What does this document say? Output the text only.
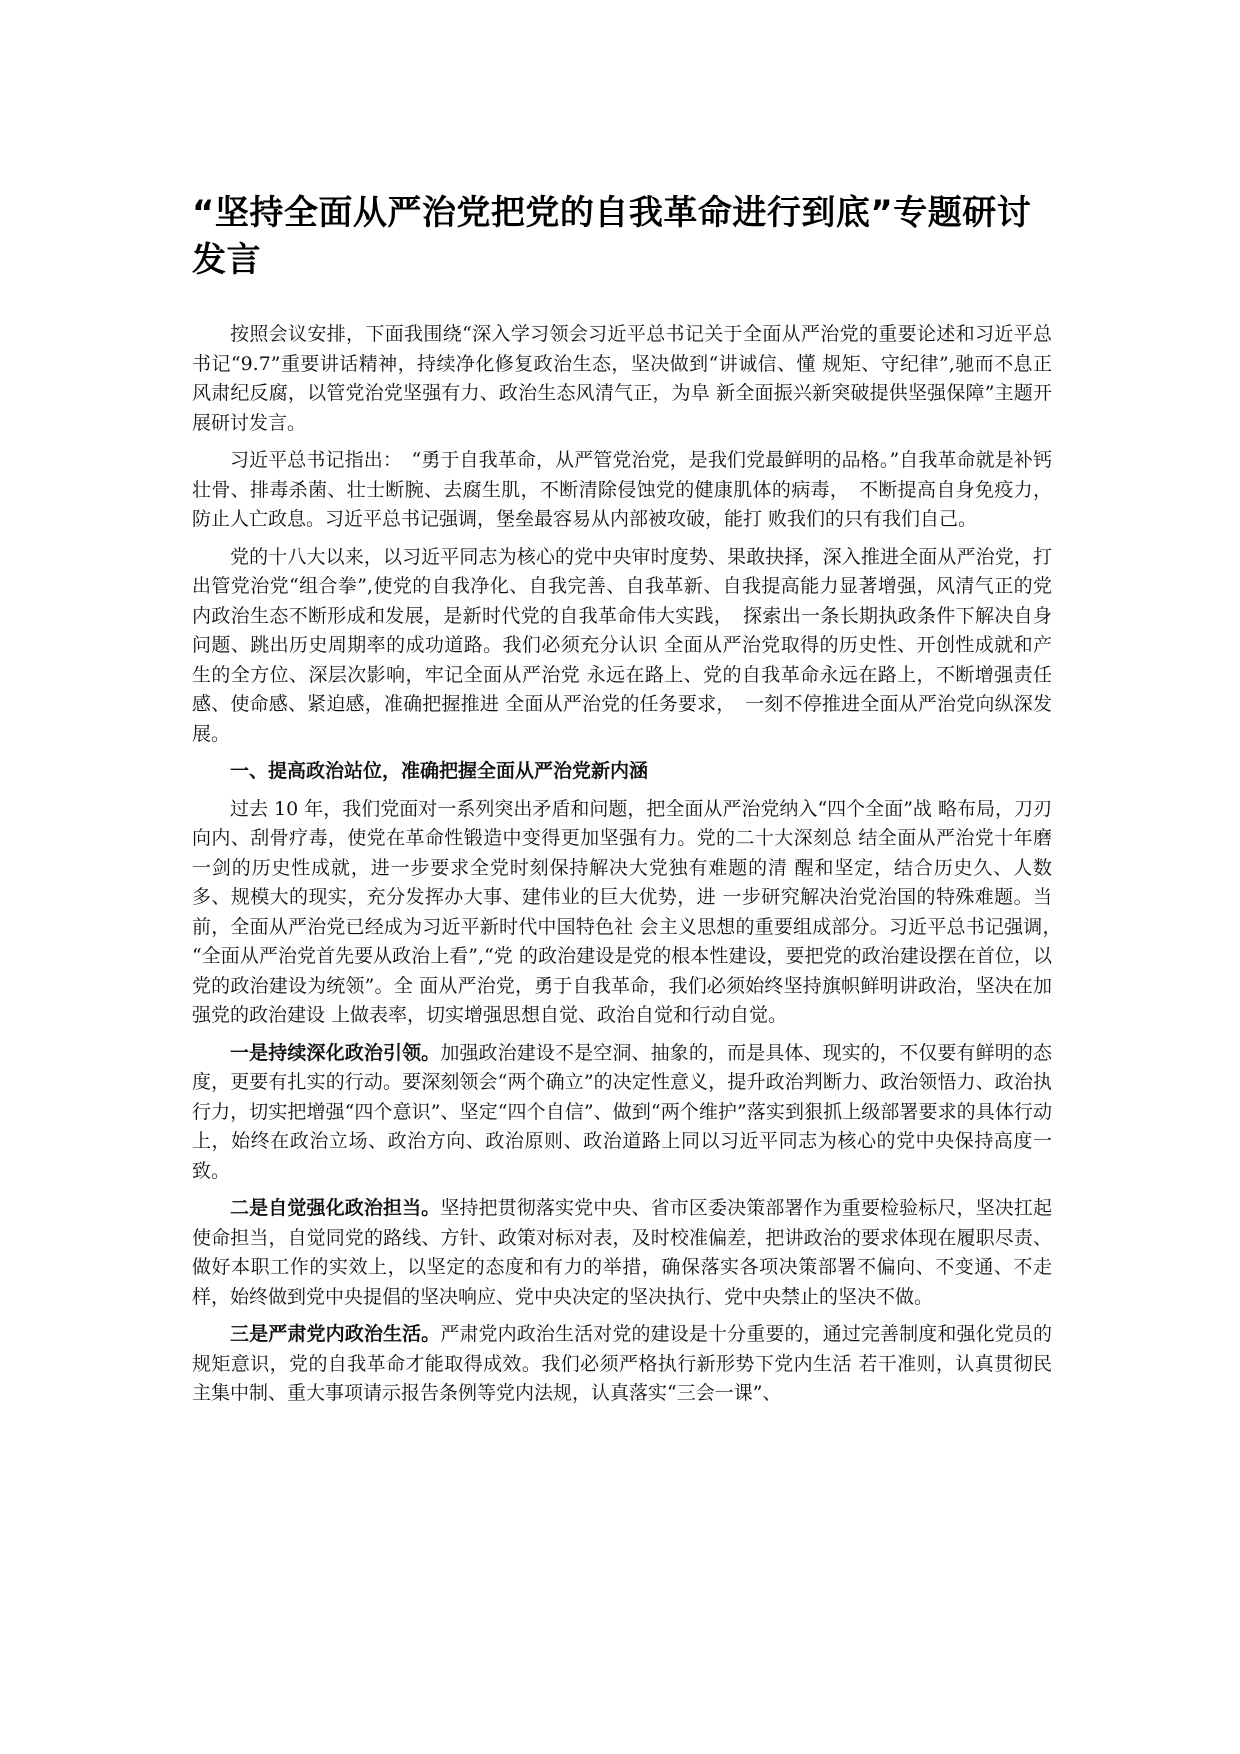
“坚持全面从严治党把党的自我革命进行到底”专题研讨发言

按照会议安排，下面我围绕“深入学习领会习近平总书记关于全面从严治党的重要论述和习近平总书记“9.7”重要讲话精神，持续净化修复政治生态，坚决做到“讲诚信、懂 规矩、守纪律”,驰而不息正风肃纪反腐，以管党治党坚强有力、政治生态风清气正，为阜 新全面振兴新突破提供坚强保障”主题开展研讨发言。

习近平总书记指出：　“勇于自我革命，从严管党治党，是我们党最鲜明的品格。”自我革命就是补钙壮骨、排毒杀菌、壮士断腕、去腐生肌，不断清除侵蚀党的健康肌体的病毒，　不断提高自身免疫力，防止人亡政息。习近平总书记强调，堡垒最容易从内部被攻破，能打 败我们的只有我们自己。

党的十八大以来，以习近平同志为核心的党中央审时度势、果敢抉择，深入推进全面从严治党，打出管党治党“组合拳”,使党的自我净化、自我完善、自我革新、自我提高能力显著增强，风清气正的党内政治生态不断形成和发展，是新时代党的自我革命伟大实践，　探索出一条长期执政条件下解决自身问题、跳出历史周期率的成功道路。我们必须充分认识 全面从严治党取得的历史性、开创性成就和产生的全方位、深层次影响，牢记全面从严治党 永远在路上、党的自我革命永远在路上，不断增强责任感、使命感、紧迫感，准确把握推进 全面从严治党的任务要求，　一刻不停推进全面从严治党向纵深发展。

一、提高政治站位，准确把握全面从严治党新内涵

过去 10 年，我们党面对一系列突出矛盾和问题，把全面从严治党纳入“四个全面”战 略布局，刀刃向内、刮骨疗毒，使党在革命性锻造中变得更加坚强有力。党的二十大深刻总 结全面从严治党十年磨一剑的历史性成就，进一步要求全党时刻保持解决大党独有难题的清 醒和坚定，结合历史久、人数多、规模大的现实，充分发挥办大事、建伟业的巨大优势，进 一步研究解决治党治国的特殊难题。当前，全面从严治党已经成为习近平新时代中国特色社 会主义思想的重要组成部分。习近平总书记强调，　“全面从严治党首先要从政治上看”,“党 的政治建设是党的根本性建设，要把党的政治建设摆在首位，以党的政治建设为统领”。全 面从严治党，勇于自我革命，我们必须始终坚持旗帜鲜明讲政治，坚决在加强党的政治建设 上做表率，切实增强思想自觉、政治自觉和行动自觉。

一是持续深化政治引领。加强政治建设不是空洞、抽象的，而是具体、现实的，不仅要有鲜明的态度，更要有扎实的行动。要深刻领会“两个确立”的决定性意义，提升政治判断力、政治领悟力、政治执行力，切实把增强“四个意识”、坚定“四个自信”、做到“两个维护”落实到狠抓上级部署要求的具体行动上，始终在政治立场、政治方向、政治原则、政治道路上同以习近平同志为核心的党中央保持高度一致。

二是自觉强化政治担当。坚持把贯彻落实党中央、省市区委决策部署作为重要检验标尺，坚决扛起使命担当，自觉同党的路线、方针、政策对标对表，及时校准偏差，把讲政治的要求体现在履职尽责、做好本职工作的实效上，以坚定的态度和有力的举措，确保落实各项决策部署不偏向、不变通、不走样，始终做到党中央提倡的坚决响应、党中央决定的坚决执行、党中央禁止的坚决不做。

三是严肃党内政治生活。严肃党内政治生活对党的建设是十分重要的，通过完善制度和强化党员的规矩意识，党的自我革命才能取得成效。我们必须严格执行新形势下党内生活 若干准则，认真贯彻民主集中制、重大事项请示报告条例等党内法规，认真落实“三会一课”、
